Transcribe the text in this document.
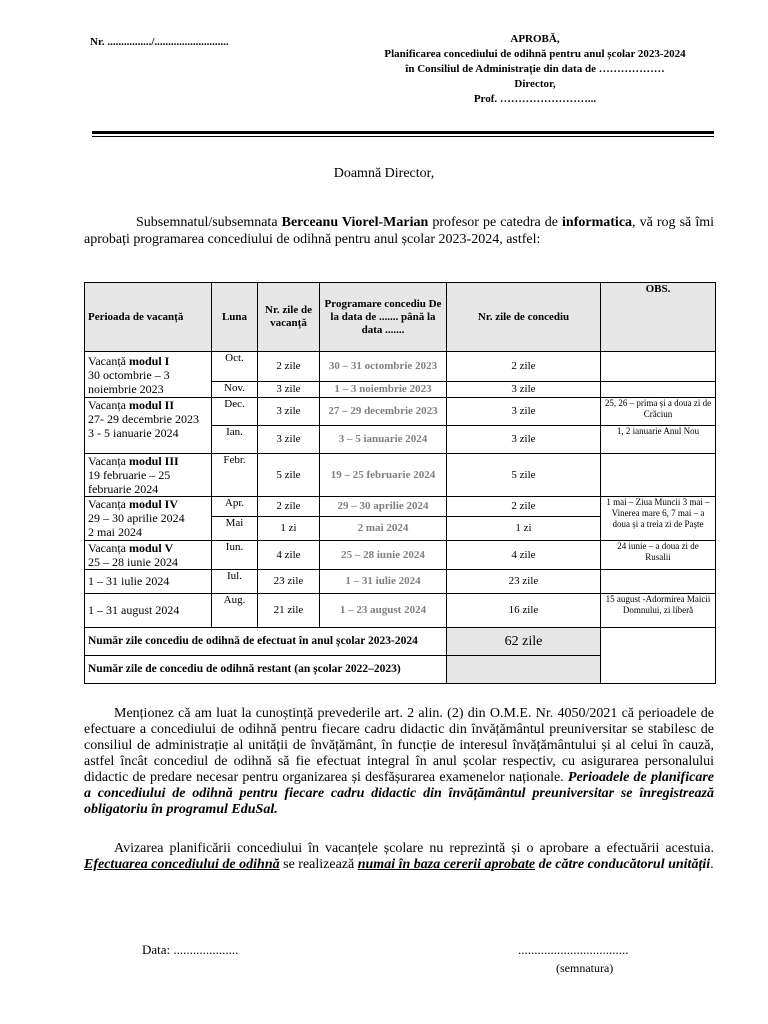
Nr. ................/...........................	APROBĂ,
Planificarea concediului de odihnă pentru anul școlar 2023-2024
în Consiliul de Administrație din data de ………………
Director,
Prof. ……………………...
Doamnă Director,
Subsemnatul/subsemnata Berceanu Viorel-Marian profesor pe catedra de informatica, vă rog să îmi aprobați programarea concediului de odihnă pentru anul școlar 2023-2024, astfel:
Perioada de vacanță	Luna	Nr. zile de vacanță	Programare concediu De la data de ....... până la data .......	Nr. zile de concediu	OBS.
Vacanță modul I
30 octombrie – 3 noiembrie 2023	Oct.	2 zile	30 – 31 octombrie 2023	2 zile	
	Nov.	3 zile	1 – 3 noiembrie 2023	3 zile	
Vacanța modul II
27- 29 decembrie 2023
3 - 5 ianuarie 2024	Dec.	3 zile	27 – 29 decembrie 2023	3 zile	25, 26 – prima și a doua zi de Crăciun
	Ian.	3 zile	3 – 5 ianuarie 2024	3 zile	1, 2 ianuarie Anul Nou
Vacanța modul III
19 februarie – 25 februarie 2024	Febr.	5 zile	19 – 25 februarie 2024	5 zile	
Vacanța modul IV
29 – 30 aprilie 2024
2 mai 2024	Apr.	2 zile	29 – 30 aprilie 2024	2 zile	1 mai – Ziua Muncii 3 mai – Vinerea mare 6, 7 mai – a doua și a treia zi de Paște
	Mai	1 zi	2 mai 2024	1 zi	
Vacanța modul V
25 – 28 iunie 2024	Iun.	4 zile	25 – 28 iunie 2024	4 zile	24 iunie – a doua zi de Rusalii
1 – 31 iulie 2024	Iul.	23 zile	1 – 31 iulie 2024	23 zile	
1 – 31 august 2024	Aug.	21 zile	1 – 23 august 2024	16 zile	15 august -Adormirea Maicii Domnului, zi liberă
Număr zile concediu de odihnă de efectuat în anul școlar 2023-2024				62 zile	
Număr zile de concediu de odihnă restant (an școlar 2022–2023)					
Menționez că am luat la cunoștință prevederile art. 2 alin. (2) din O.M.E. Nr. 4050/2021 că perioadele de efectuare a concediului de odihnă pentru fiecare cadru didactic din învățământul preuniversitar se stabilesc de consiliul de administrație al unității de învățământ, în funcție de interesul învățământului și al celui în cauză, astfel încât concediul de odihnă să fie efectuat integral în anul școlar respectiv, cu asigurarea personalului didactic de predare necesar pentru organizarea și desfășurarea examenelor naționale. Perioadele de planificare a concediului de odihnă pentru fiecare cadru didactic din învățământul preuniversitar se înregistrează obligatoriu în programul EduSal.
Avizarea planificării concediului în vacanțele școlare nu reprezintă și o aprobare a efectuării acestuia. Efectuarea concediului de odihnă se realizează numai în baza cererii aprobate de către conducătorul unității.
Data: ....................	..................................
(semnatura)
